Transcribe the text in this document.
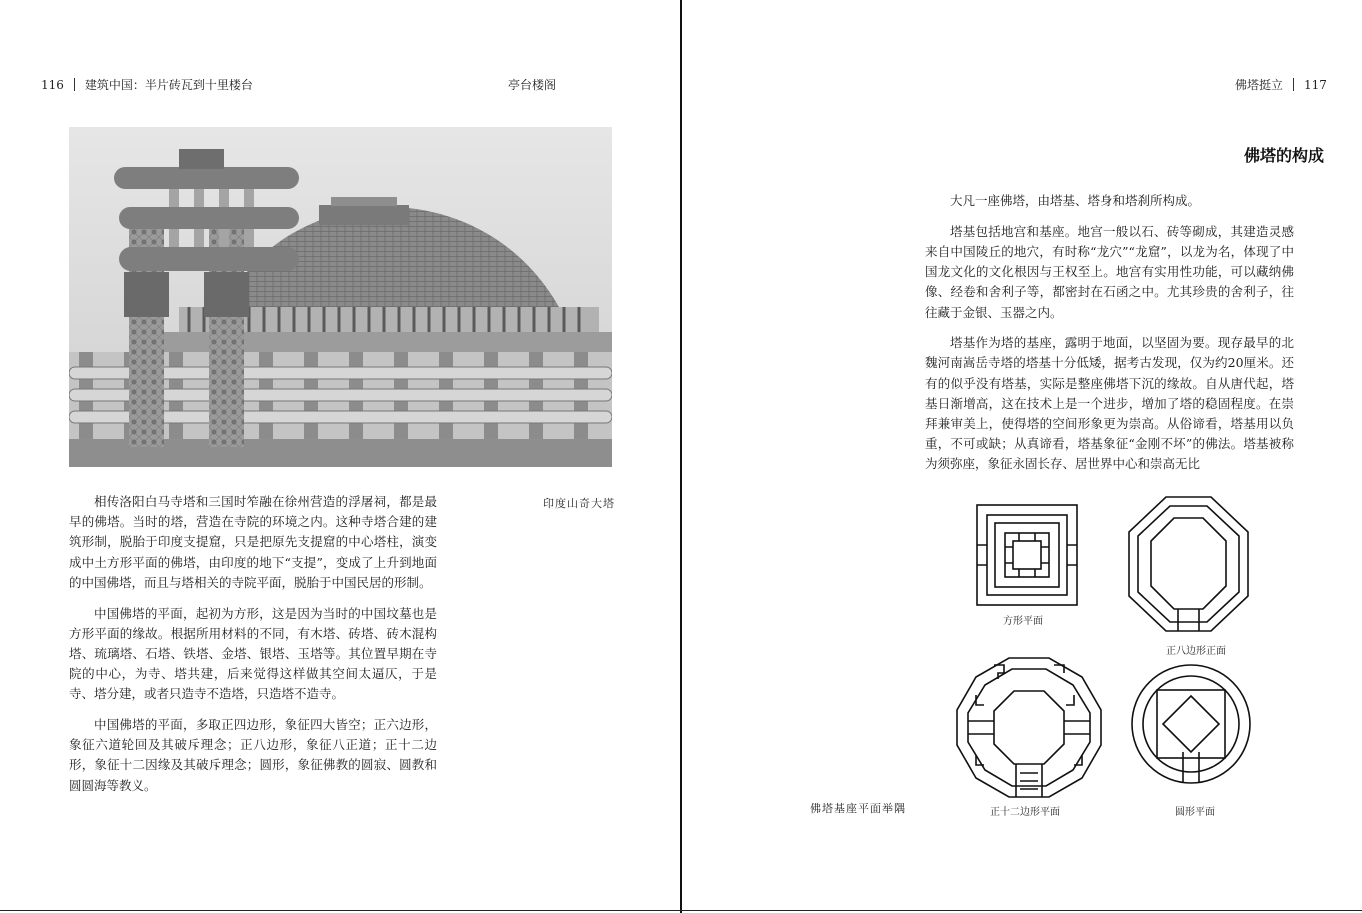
116 建筑中国：半片砖瓦到十里楼台	亭台楼阁
印度山奇大塔

相传洛阳白马寺塔和三国时笮融在徐州营造的浮屠祠，都是最早的佛塔。当时的塔，营造在寺院的环境之内。这种寺塔合建的建筑形制，脱胎于印度支提窟，只是把原先支提窟的中心塔柱，演变成中土方形平面的佛塔，由印度的地下“支提”，变成了上升到地面的中国佛塔，而且与塔相关的寺院平面，脱胎于中国民居的形制。

中国佛塔的平面，起初为方形，这是因为当时的中国坟墓也是方形平面的缘故。根据所用材料的不同，有木塔、砖塔、砖木混构塔、琉璃塔、石塔、铁塔、金塔、银塔、玉塔等。其位置早期在寺院的中心，为寺、塔共建，后来觉得这样做其空间太逼仄，于是寺、塔分建，或者只造寺不造塔，只造塔不造寺。

中国佛塔的平面，多取正四边形，象征四大皆空；正六边形，象征六道轮回及其破斥理念；正八边形，象征八正道；正十二边形，象征十二因缘及其破斥理念；圆形，象征佛教的圆寂、圆教和圆圆海等教义。

佛塔挺立 117
佛塔的构成

大凡一座佛塔，由塔基、塔身和塔刹所构成。

塔基包括地宫和基座。地宫一般以石、砖等砌成，其建造灵感来自中国陵丘的地穴，有时称“龙穴”“龙窟”，以龙为名，体现了中国龙文化的文化根因与王权至上。地宫有实用性功能，可以藏纳佛像、经卷和舍利子等，都密封在石函之中。尤其珍贵的舍利子，往往藏于金银、玉器之内。

塔基作为塔的基座，露明于地面，以坚固为要。现存最早的北魏河南嵩岳寺塔的塔基十分低矮，据考古发现，仅为约20厘米。还有的似乎没有塔基，实际是整座佛塔下沉的缘故。自从唐代起，塔基日渐增高，这在技术上是一个进步，增加了塔的稳固程度。在崇拜兼审美上，使得塔的空间形象更为崇高。从俗谛看，塔基用以负重，不可或缺；从真谛看，塔基象征“金刚不坏”的佛法。塔基被称为须弥座，象征永固长存、居世界中心和崇高无比

方形平面
正八边形正面
正十二边形平面	圆形平面
佛塔基座平面举隅
